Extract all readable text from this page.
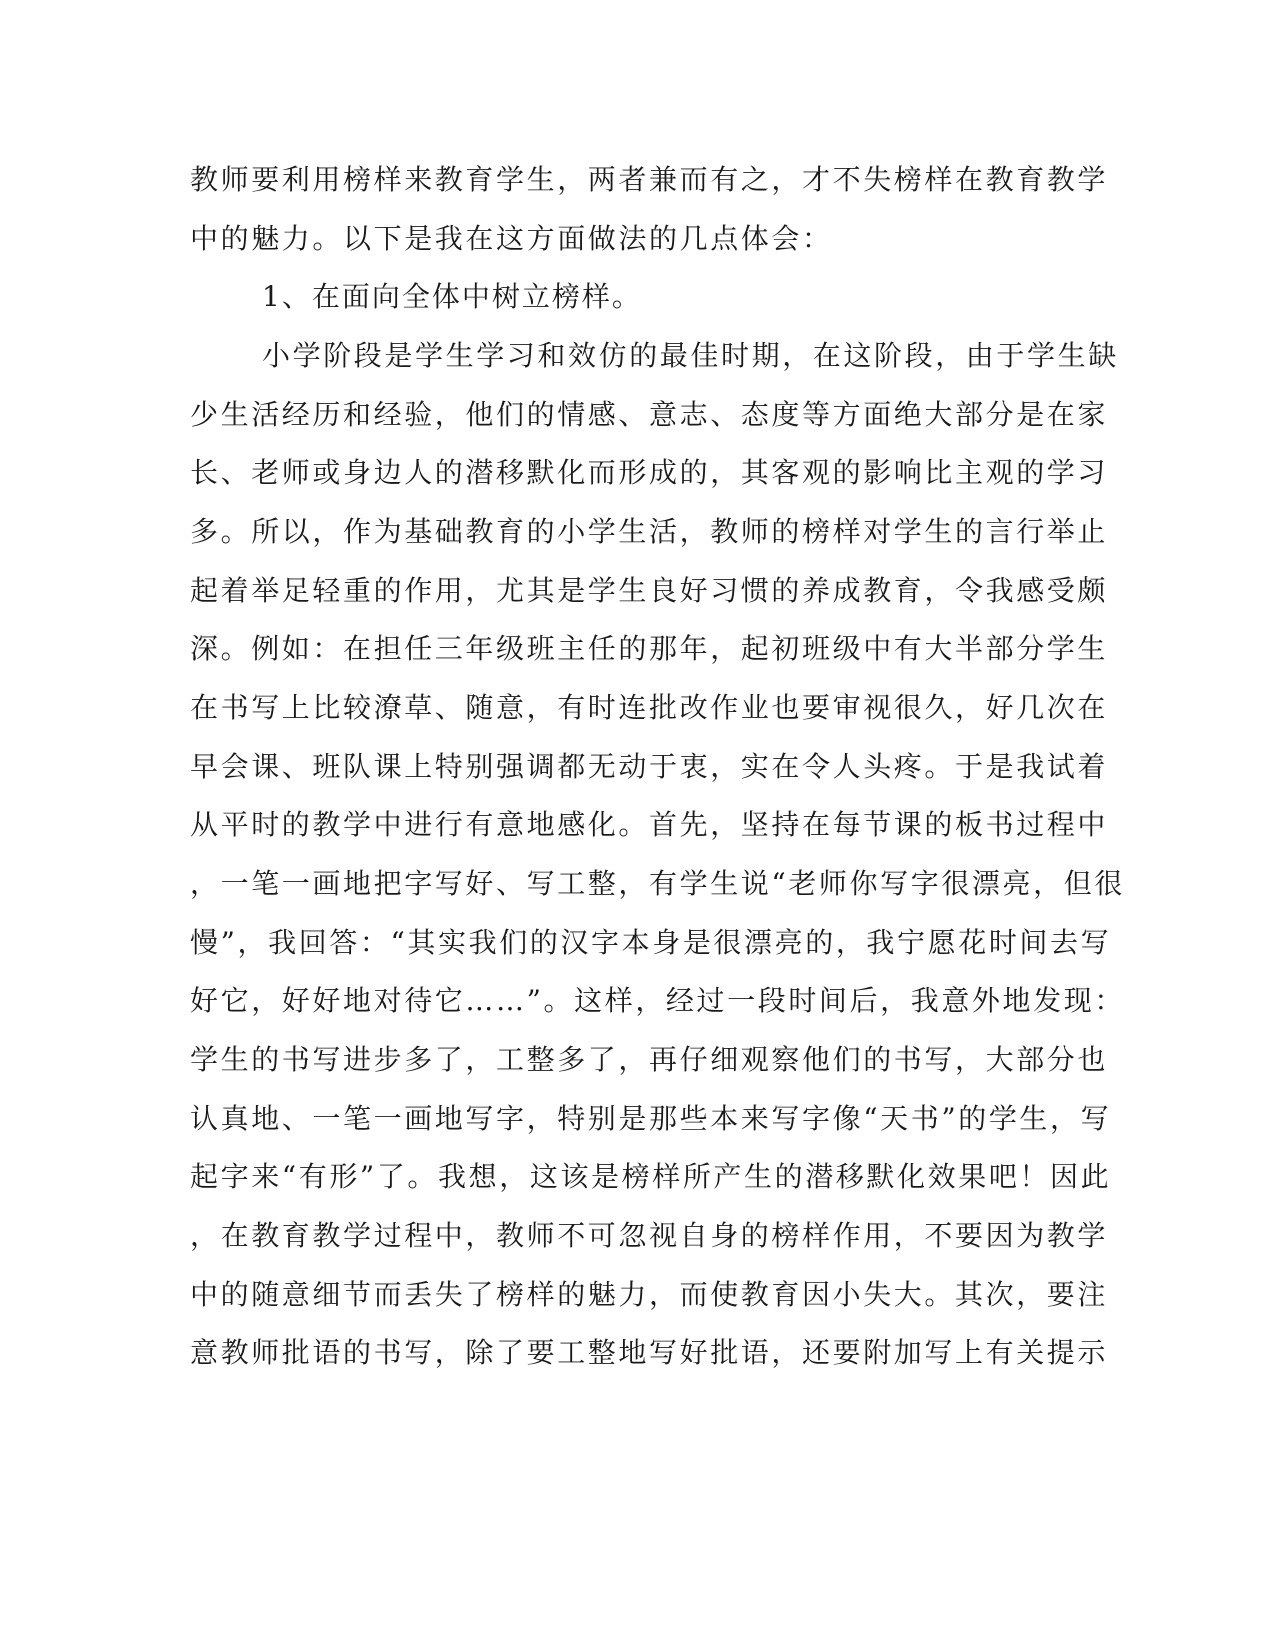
教师要利用榜样来教育学生，两者兼而有之，才不失榜样在教育教学
中的魅力。以下是我在这方面做法的几点体会：
1、在面向全体中树立榜样。
小学阶段是学生学习和效仿的最佳时期，在这阶段，由于学生缺
少生活经历和经验，他们的情感、意志、态度等方面绝大部分是在家
长、老师或身边人的潜移默化而形成的，其客观的影响比主观的学习
多。所以，作为基础教育的小学生活，教师的榜样对学生的言行举止
起着举足轻重的作用，尤其是学生良好习惯的养成教育，令我感受颇
深。例如：在担任三年级班主任的那年，起初班级中有大半部分学生
在书写上比较潦草、随意，有时连批改作业也要审视很久，好几次在
早会课、班队课上特别强调都无动于衷，实在令人头疼。于是我试着
从平时的教学中进行有意地感化。首先，坚持在每节课的板书过程中
，一笔一画地把字写好、写工整，有学生说“老师你写字很漂亮，但很
慢”，我回答：“其实我们的汉字本身是很漂亮的，我宁愿花时间去写
好它，好好地对待它……”。这样，经过一段时间后，我意外地发现：
学生的书写进步多了，工整多了，再仔细观察他们的书写，大部分也
认真地、一笔一画地写字，特别是那些本来写字像“天书”的学生，写
起字来“有形”了。我想，这该是榜样所产生的潜移默化效果吧！因此
，在教育教学过程中，教师不可忽视自身的榜样作用，不要因为教学
中的随意细节而丢失了榜样的魅力，而使教育因小失大。其次，要注
意教师批语的书写，除了要工整地写好批语，还要附加写上有关提示
